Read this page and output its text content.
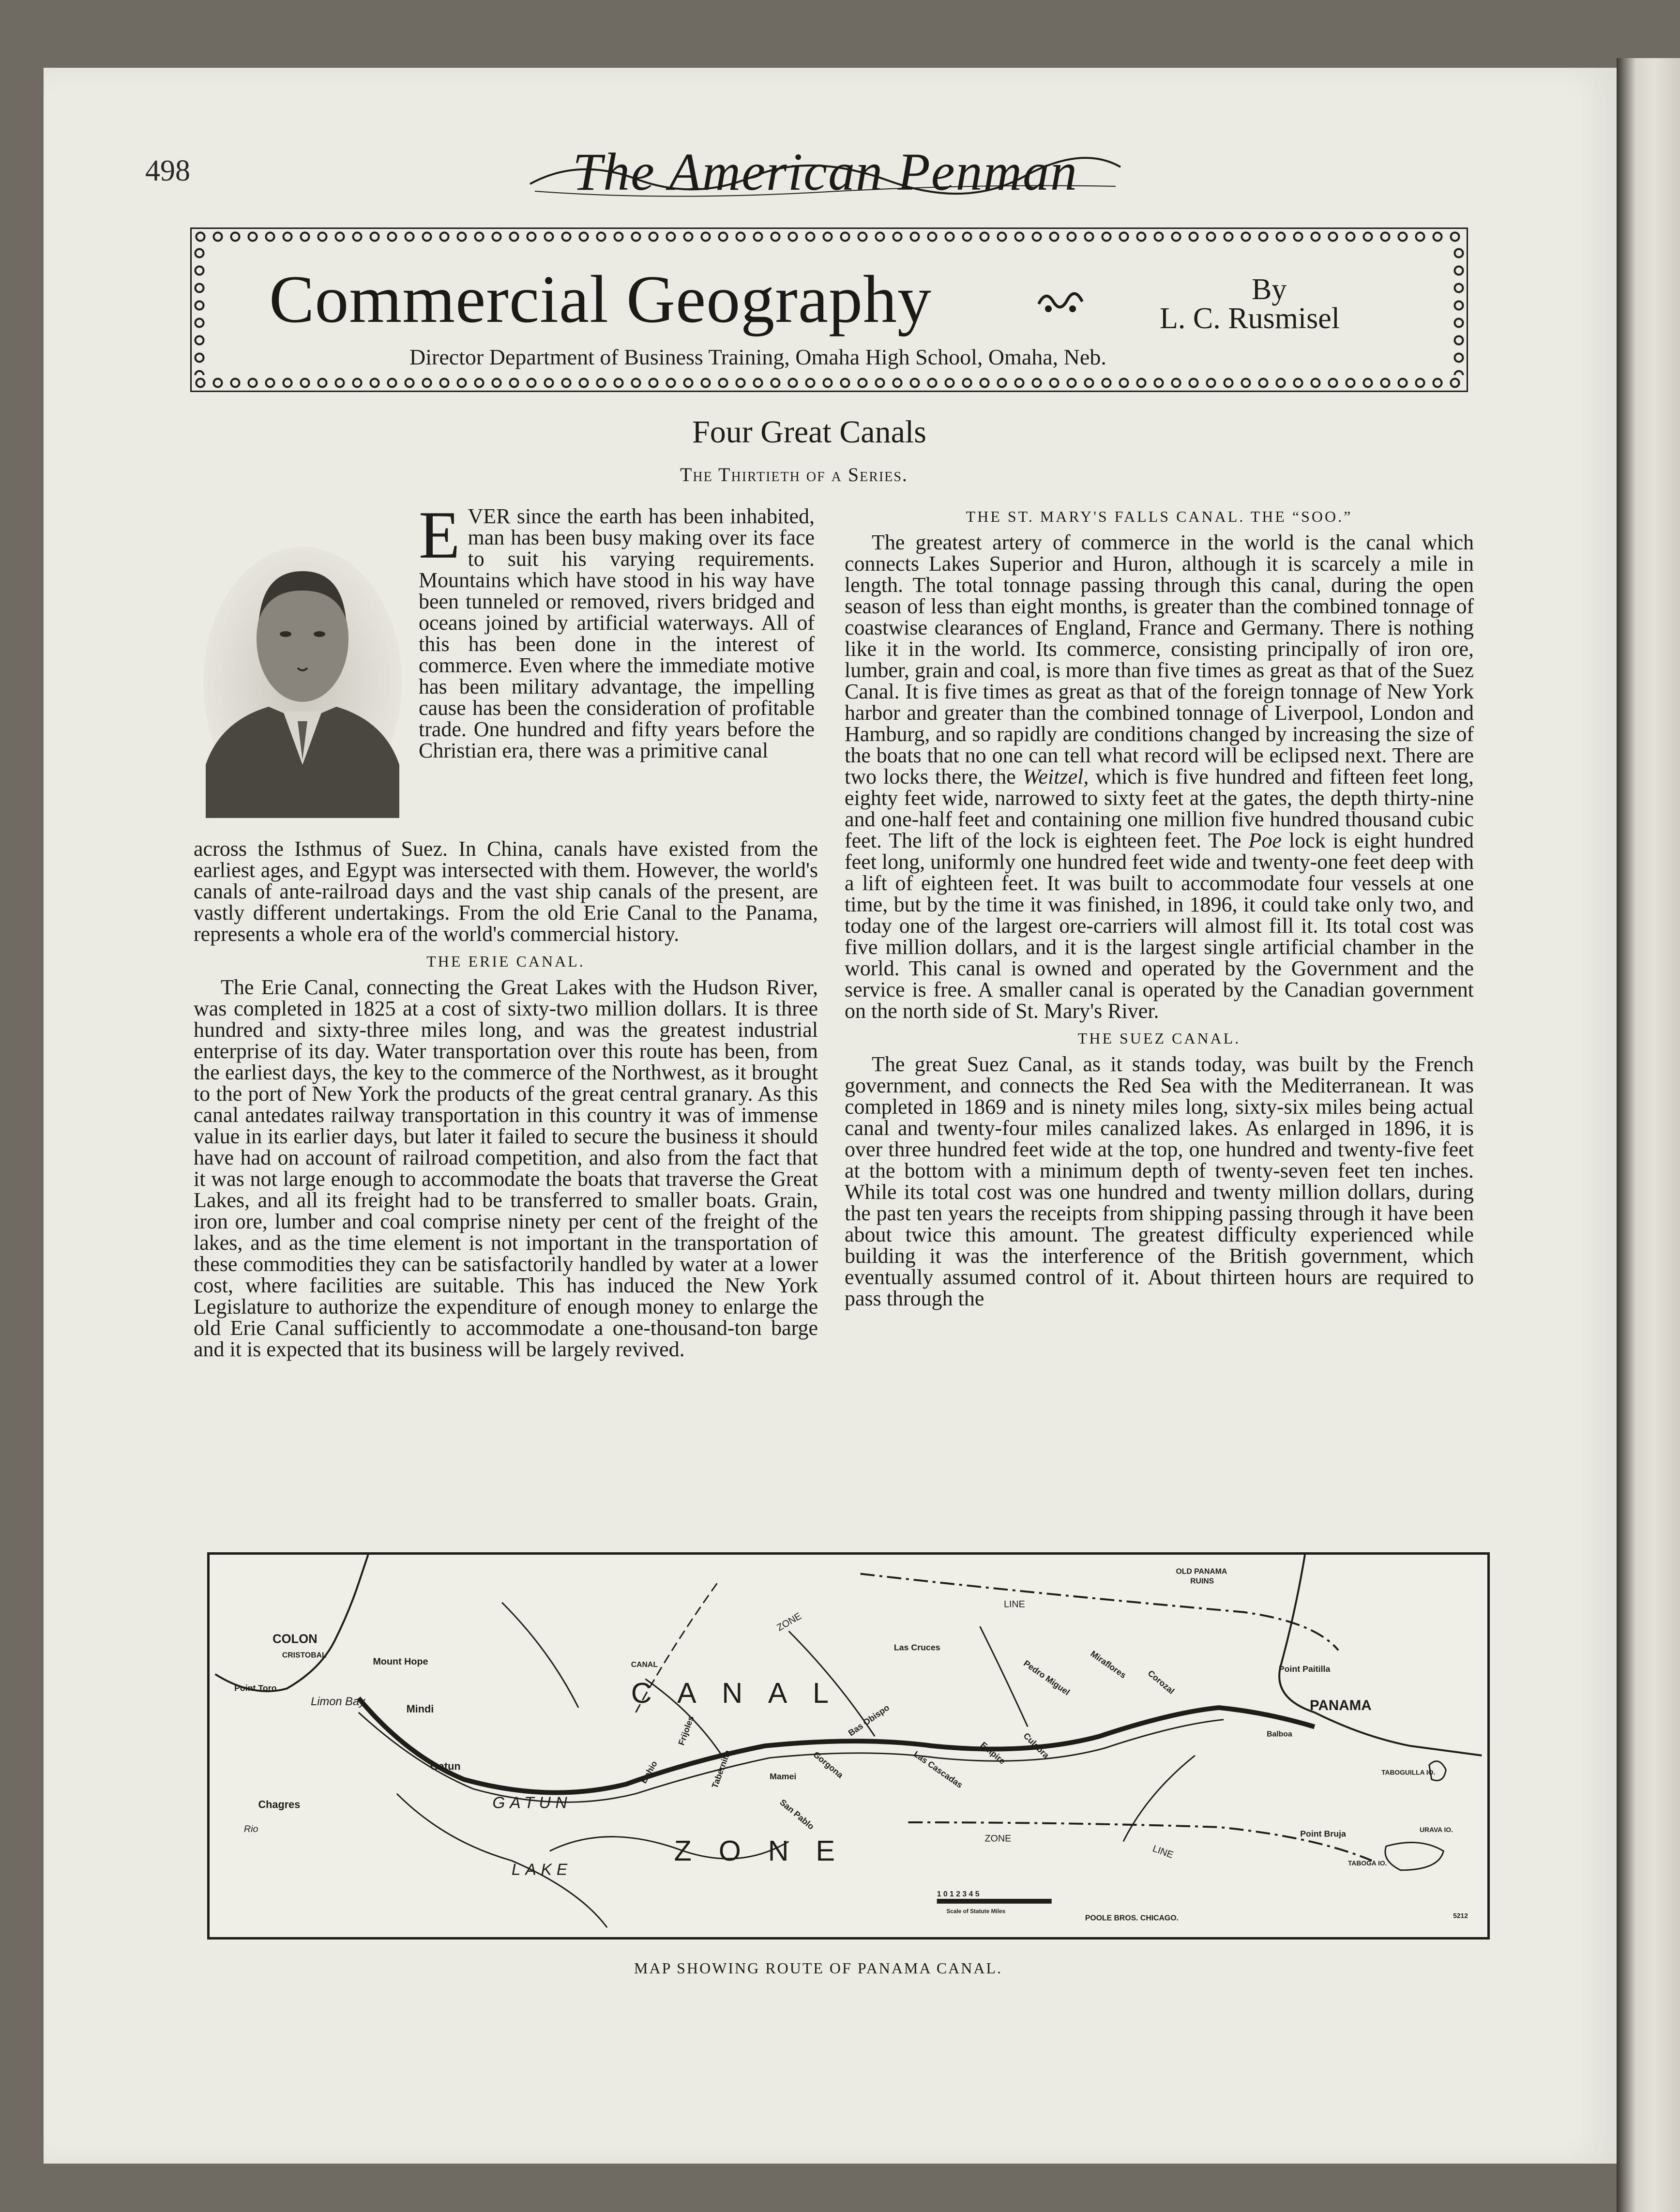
498	The American Penman
Commercial Geography	By
L. C. Rusmisel
Director Department of Business Training, Omaha High School, Omaha, Neb.
Four Great Canals
The Thirtieth of a Series.
EVER since the earth has been inhabited, man has been busy making over its face to suit his varying requirements. Mountains which have stood in his way have been tunneled or removed, rivers bridged and oceans joined by artificial waterways. All of this has been done in the interest of commerce. Even where the immediate motive has been military advantage, the impelling cause has been the consideration of profitable trade. One hundred and fifty years before the Christian era, there was a primitive canal

across the Isthmus of Suez. In China, canals have existed from the earliest ages, and Egypt was intersected with them. However, the world's canals of ante-railroad days and the vast ship canals of the present, are vastly different undertakings. From the old Erie Canal to the Panama, represents a whole era of the world's commercial history.

THE ERIE CANAL.

The Erie Canal, connecting the Great Lakes with the Hudson River, was completed in 1825 at a cost of sixty-two million dollars. It is three hundred and sixty-three miles long, and was the greatest industrial enterprise of its day. Water transportation over this route has been, from the earliest days, the key to the commerce of the Northwest, as it brought to the port of New York the products of the great central granary. As this canal antedates railway transportation in this country it was of immense value in its earlier days, but later it failed to secure the business it should have had on account of railroad competition, and also from the fact that it was not large enough to accommodate the boats that traverse the Great Lakes, and all its freight had to be transferred to smaller boats. Grain, iron ore, lumber and coal comprise ninety per cent of the freight of the lakes, and as the time element is not important in the transportation of these commodities they can be satisfactorily handled by water at a lower cost, where facilities are suitable. This has induced the New York Legislature to authorize the expenditure of enough money to enlarge the old Erie Canal sufficiently to accommodate a one-thousand-ton barge and it is expected that its business will be largely revived.

THE ST. MARY'S FALLS CANAL. THE “SOO.”

The greatest artery of commerce in the world is the canal which connects Lakes Superior and Huron, although it is scarcely a mile in length. The total tonnage passing through this canal, during the open season of less than eight months, is greater than the combined tonnage of coastwise clearances of England, France and Germany. There is nothing like it in the world. Its commerce, consisting principally of iron ore, lumber, grain and coal, is more than five times as great as that of the Suez Canal. It is five times as great as that of the foreign tonnage of New York harbor and greater than the combined tonnage of Liverpool, London and Hamburg, and so rapidly are conditions changed by increasing the size of the boats that no one can tell what record will be eclipsed next. There are two locks there, the Weitzel, which is five hundred and fifteen feet long, eighty feet wide, narrowed to sixty feet at the gates, the depth thirty-nine and one-half feet and containing one million five hundred thousand cubic feet. The lift of the lock is eighteen feet. The Poe lock is eight hundred feet long, uniformly one hundred feet wide and twenty-one feet deep with a lift of eighteen feet. It was built to accommodate four vessels at one time, but by the time it was finished, in 1896, it could take only two, and today one of the largest ore-carriers will almost fill it. Its total cost was five million dollars, and it is the largest single artificial chamber in the world. This canal is owned and operated by the Government and the service is free. A smaller canal is operated by the Canadian government on the north side of St. Mary's River.

THE SUEZ CANAL.

The great Suez Canal, as it stands today, was built by the French government, and connects the Red Sea with the Mediterranean. It was completed in 1869 and is ninety miles long, sixty-six miles being actual canal and twenty-four miles canalized lakes. As enlarged in 1896, it is over three hundred feet wide at the top, one hundred and twenty-five feet at the bottom with a minimum depth of twenty-seven feet ten inches. While its total cost was one hundred and twenty million dollars, during the past ten years the receipts from shipping passing through it have been about twice this amount. The greatest difficulty experienced while building it was the interference of the British government, which eventually assumed control of it. About thirteen hours are required to pass through the

OLD PANAMA
RUINS
LINE
ZONE
COLON
CRISTOBAL
Mount Hope	CANAL
Las Cruces
Pedro Miguel Miraflores
Corozal	Point Paitilla
PANAMA
Balboa
Point Toro
Limon Bay
Mindi
Gatun
C A N A L
Z O N E
Chagres
Rio
GATUN
LAKE
Bas Obispo
Gorgona	Empire Culebra
Las Cascadas
San Pablo
Tabernilla
Bohio
Frijoles
Mamei
ZONE
LINE
TABOGUILLA IO.
URAVA IO.
Point Bruja
TABOGA IO.
1 0 1 2 3 4 5
Scale of Statute Miles
POOLE BROS. CHICAGO.	5212
MAP SHOWING ROUTE OF PANAMA CANAL.
